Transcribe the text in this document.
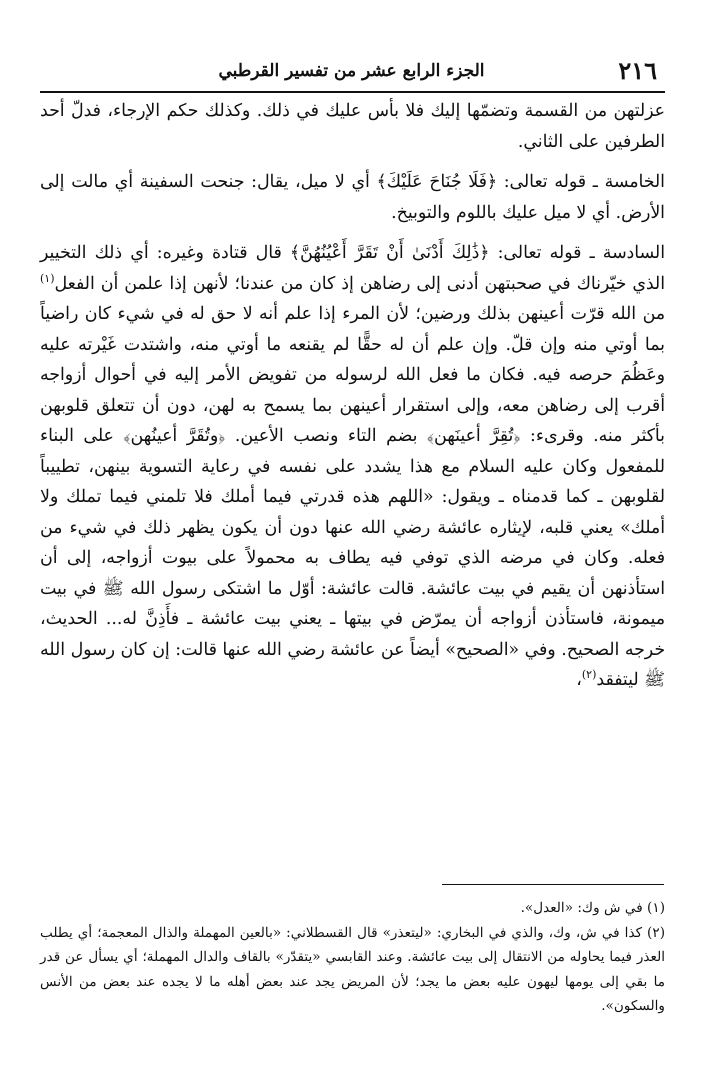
٢١٦
الجزء الرابع عشر من تفسير القرطبي

عزلتهن من القسمة وتضمّها إليك فلا بأس عليك في ذلك. وكذلك حكم الإرجاء، فدلّ أحد الطرفين على الثاني.

الخامسة ـ قوله تعالى: ﴿فَلَا جُنَاحَ عَلَيْكَ﴾ أي لا ميل، يقال: جنحت السفينة أي مالت إلى الأرض. أي لا ميل عليك باللوم والتوبيخ.

السادسة ـ قوله تعالى: ﴿ذَٰلِكَ أَدْنَىٰ أَنْ تَقَرَّ أَعْيُنُهُنَّ﴾ قال قتادة وغيره: أي ذلك التخيير الذي خيّرناك في صحبتهن أدنى إلى رضاهن إذ كان من عندنا؛ لأنهن إذا علمن أن الفعل$^{(١)}$ من الله قرّت أعينهن بذلك ورضين؛ لأن المرء إذا علم أنه لا حق له في شيء كان راضياً بما أوتي منه وإن قلّ. وإن علم أن له حقًّا لم يقنعه ما أوتي منه، واشتدت غَيْرته عليه وعَظُمَ حرصه فيه. فكان ما فعل الله لرسوله من تفويض الأمر إليه في أحوال أزواجه أقرب إلى رضاهن معه، وإلى استقرار أعينهن بما يسمح به لهن، دون أن تتعلق قلوبهن بأكثر منه. وقرىء: ﴿تُقِرَّ أعينَهن﴾ بضم التاء ونصب الأعين. ﴿وتُقَرَّ أعينُهن﴾ على البناء للمفعول وكان عليه السلام مع هذا يشدد على نفسه في رعاية التسوية بينهن، تطييباً لقلوبهن ـ كما قدمناه ـ ويقول: «اللهم هذه قدرتي فيما أملك فلا تلمني فيما تملك ولا أملك» يعني قلبه، لإيثاره عائشة رضي الله عنها دون أن يكون يظهر ذلك في شيء من فعله. وكان في مرضه الذي توفي فيه يطاف به محمولاً على بيوت أزواجه، إلى أن استأذنهن أن يقيم في بيت عائشة. قالت عائشة: أوّل ما اشتكى رسول الله ﷺ في بيت ميمونة، فاستأذن أزواجه أن يمرّض في بيتها ـ يعني بيت عائشة ـ فأَذِنَّ له... الحديث، خرجه الصحيح. وفي «الصحيح» أيضاً عن عائشة رضي الله عنها قالت: إن كان رسول الله ﷺ ليتفقد$^{(٢)}$،

(١) في ش وك: «العدل».

(٢) كذا في ش، وك، والذي في البخاري: «ليتعذر» قال القسطلاني: «بالعين المهملة والذال المعجمة؛ أي يطلب العذر فيما يحاوله من الانتقال إلى بيت عائشة. وعند القابسي «يتقدّر» بالقاف والدال المهملة؛ أي يسأل عن قدر ما بقي إلى يومها ليهون عليه بعض ما يجد؛ لأن المريض يجد عند بعض أهله ما لا يجده عند بعض من الأنس والسكون».
